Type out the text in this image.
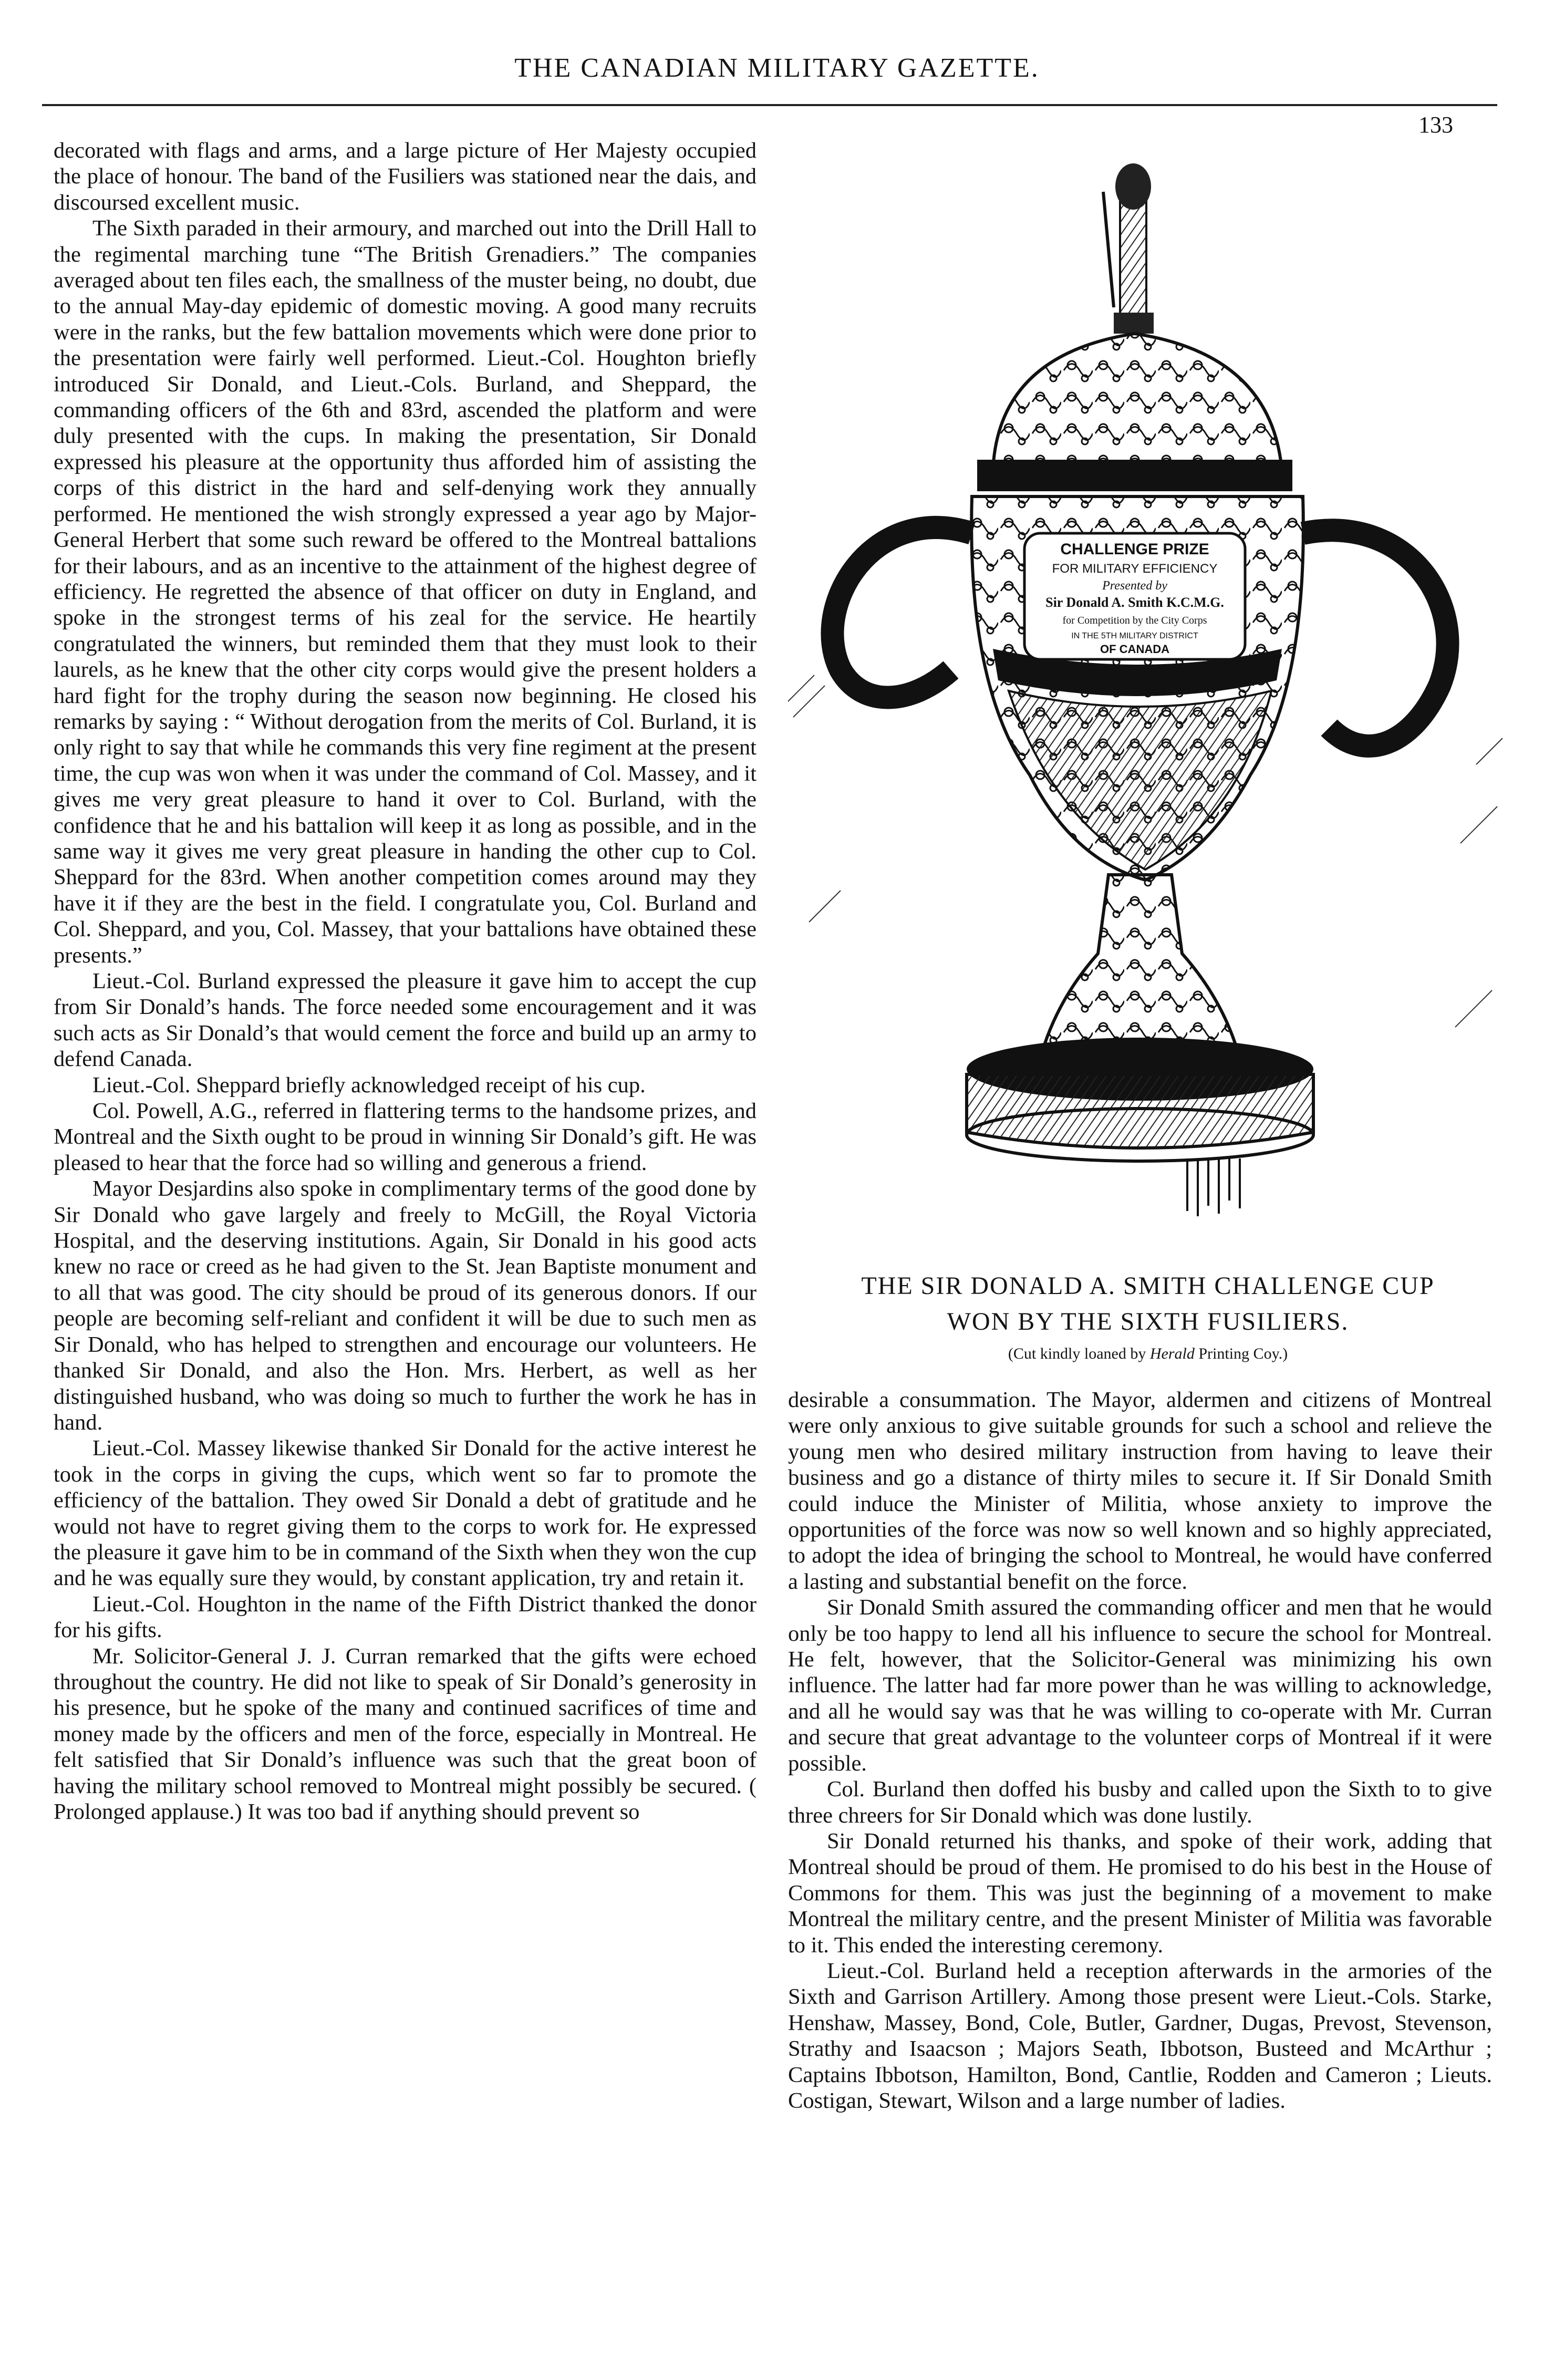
THE CANADIAN MILITARY GAZETTE.
133

decorated with flags and arms, and a large picture of Her Majesty occupied the place of honour. The band of the Fusiliers was stationed near the dais, and discoursed excellent music.

The Sixth paraded in their armoury, and marched out into the Drill Hall to the regimental marching tune “The British Grenadiers.” The companies averaged about ten files each, the smallness of the muster being, no doubt, due to the annual May-day epidemic of domestic moving. A good many recruits were in the ranks, but the few battalion movements which were done prior to the presentation were fairly well performed. Lieut.-Col. Houghton briefly introduced Sir Donald, and Lieut.-Cols. Burland, and Sheppard, the commanding officers of the 6th and 83rd, ascended the platform and were duly presented with the cups. In making the presentation, Sir Donald expressed his pleasure at the opportunity thus afforded him of assisting the corps of this district in the hard and self-denying work they annually performed. He mentioned the wish strongly expressed a year ago by Major-General Herbert that some such reward be offered to the Montreal battalions for their labours, and as an incentive to the attainment of the highest degree of efficiency. He regretted the absence of that officer on duty in England, and spoke in the strongest terms of his zeal for the service. He heartily congratulated the winners, but reminded them that they must look to their laurels, as he knew that the other city corps would give the present holders a hard fight for the trophy during the season now beginning. He closed his remarks by saying : “ Without derogation from the merits of Col. Burland, it is only right to say that while he commands this very fine regiment at the present time, the cup was won when it was under the command of Col. Massey, and it gives me very great pleasure to hand it over to Col. Burland, with the confidence that he and his battalion will keep it as long as possible, and in the same way it gives me very great pleasure in handing the other cup to Col. Sheppard for the 83rd. When another competition comes around may they have it if they are the best in the field. I congratulate you, Col. Burland and Col. Sheppard, and you, Col. Massey, that your battalions have obtained these presents.”

Lieut.-Col. Burland expressed the pleasure it gave him to accept the cup from Sir Donald’s hands. The force needed some encouragement and it was such acts as Sir Donald’s that would cement the force and build up an army to defend Canada.

Lieut.-Col. Sheppard briefly acknowledged receipt of his cup.

Col. Powell, A.G., referred in flattering terms to the handsome prizes, and Montreal and the Sixth ought to be proud in winning Sir Donald’s gift. He was pleased to hear that the force had so willing and generous a friend.

Mayor Desjardins also spoke in complimentary terms of the good done by Sir Donald who gave largely and freely to McGill, the Royal Victoria Hospital, and the deserving institutions. Again, Sir Donald in his good acts knew no race or creed as he had given to the St. Jean Baptiste monument and to all that was good. The city should be proud of its generous donors. If our people are becoming self-reliant and confident it will be due to such men as Sir Donald, who has helped to strengthen and encourage our volunteers. He thanked Sir Donald, and also the Hon. Mrs. Herbert, as well as her distinguished husband, who was doing so much to further the work he has in hand.

Lieut.-Col. Massey likewise thanked Sir Donald for the active interest he took in the corps in giving the cups, which went so far to promote the efficiency of the battalion. They owed Sir Donald a debt of gratitude and he would not have to regret giving them to the corps to work for. He expressed the pleasure it gave him to be in command of the Sixth when they won the cup and he was equally sure they would, by constant application, try and retain it.

Lieut.-Col. Houghton in the name of the Fifth District thanked the donor for his gifts.

Mr. Solicitor-General J. J. Curran remarked that the gifts were echoed throughout the country. He did not like to speak of Sir Donald’s generosity in his presence, but he spoke of the many and continued sacrifices of time and money made by the officers and men of the force, especially in Montreal. He felt satisfied that Sir Donald’s influence was such that the great boon of having the military school removed to Montreal might possibly be secured. ( Prolonged applause.) It was too bad if anything should prevent so

CHALLENGE PRIZE
FOR MILITARY EFFICIENCY
Presented by
Sir Donald A. Smith K.C.M.G.
for Competition by the City Corps
IN THE 5TH MILITARY DISTRICT
OF CANADA
THE SIR DONALD A. SMITH CHALLENGE CUP
WON BY THE SIXTH FUSILIERS.
(Cut kindly loaned by Herald Printing Coy.)

desirable a consummation. The Mayor, aldermen and citizens of Montreal were only anxious to give suitable grounds for such a school and relieve the young men who desired military instruction from having to leave their business and go a distance of thirty miles to secure it. If Sir Donald Smith could induce the Minister of Militia, whose anxiety to improve the opportunities of the force was now so well known and so highly appreciated, to adopt the idea of bringing the school to Montreal, he would have conferred a lasting and substantial benefit on the force.

Sir Donald Smith assured the commanding officer and men that he would only be too happy to lend all his influence to secure the school for Montreal. He felt, however, that the Solicitor-General was minimizing his own influence. The latter had far more power than he was willing to acknowledge, and all he would say was that he was willing to co-operate with Mr. Curran and secure that great advantage to the volunteer corps of Montreal if it were possible.

Col. Burland then doffed his busby and called upon the Sixth to to give three chreers for Sir Donald which was done lustily.

Sir Donald returned his thanks, and spoke of their work, adding that Montreal should be proud of them. He promised to do his best in the House of Commons for them. This was just the beginning of a movement to make Montreal the military centre, and the present Minister of Militia was favorable to it. This ended the interesting ceremony.

Lieut.-Col. Burland held a reception afterwards in the armories of the Sixth and Garrison Artillery. Among those present were Lieut.-Cols. Starke, Henshaw, Massey, Bond, Cole, Butler, Gardner, Dugas, Prevost, Stevenson, Strathy and Isaacson ; Majors Seath, Ibbotson, Busteed and McArthur ; Captains Ibbotson, Hamilton, Bond, Cantlie, Rodden and Cameron ; Lieuts. Costigan, Stewart, Wilson and a large number of ladies.
